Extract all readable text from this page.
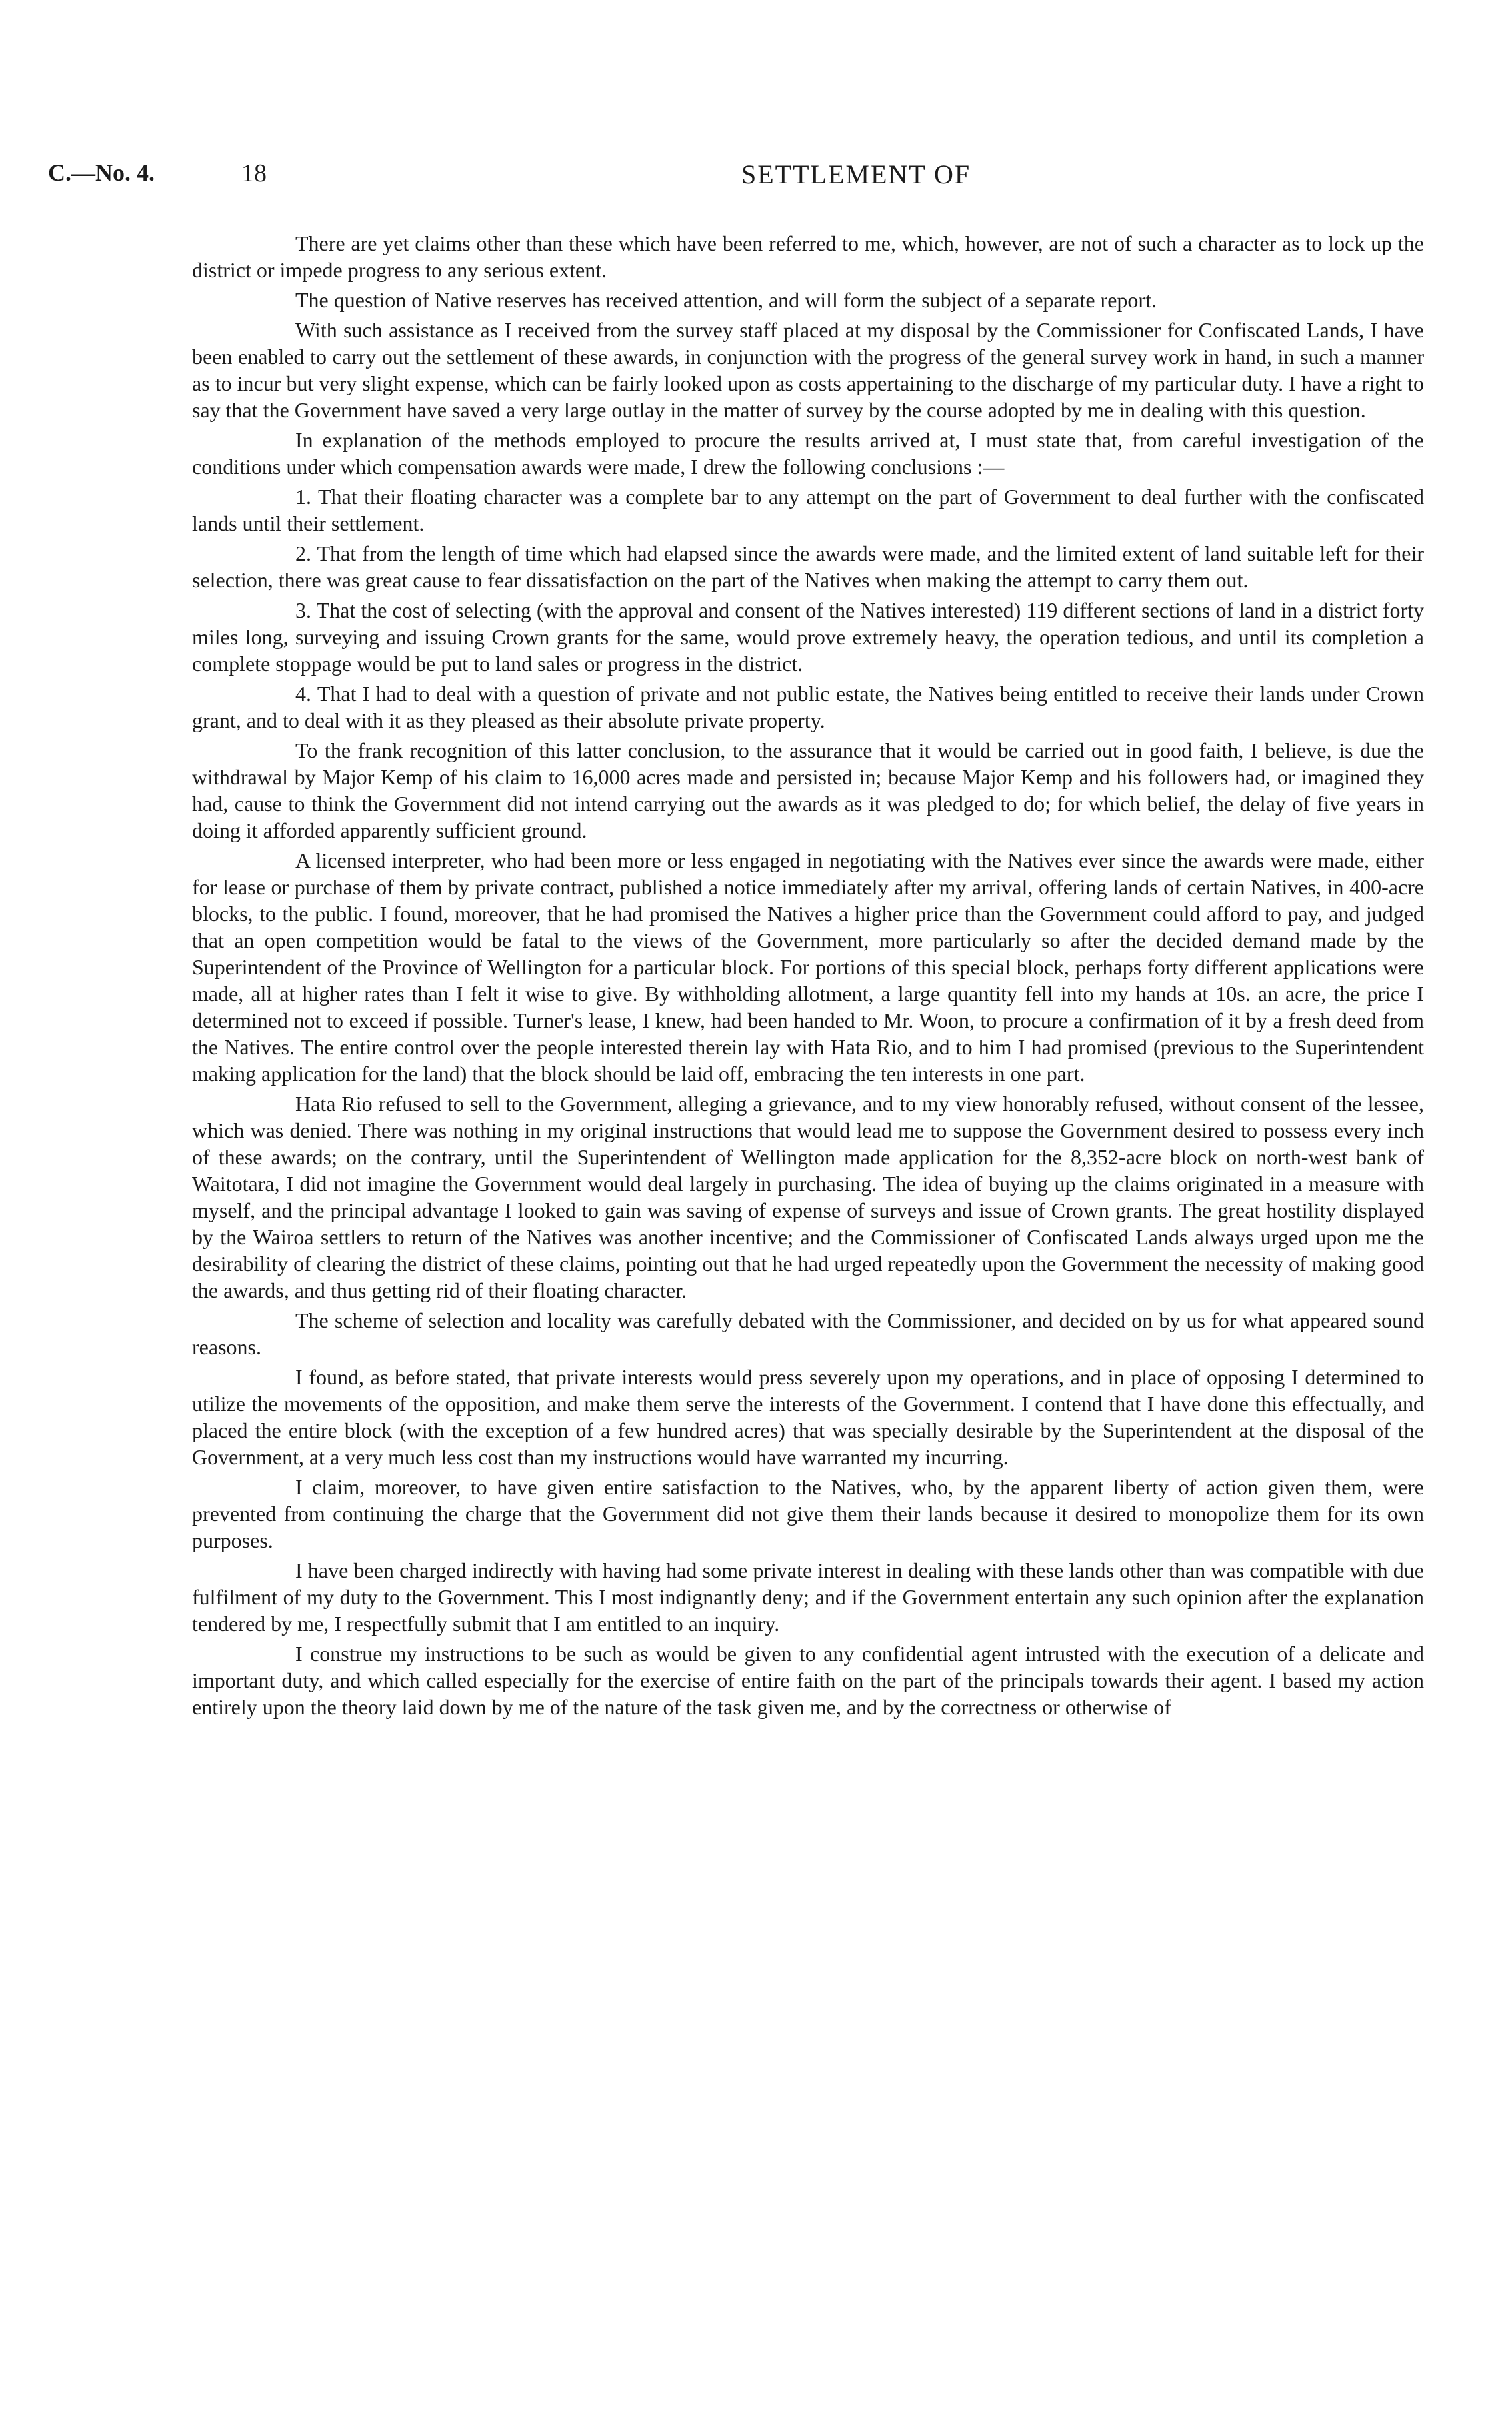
C.—No. 4.	18	SETTLEMENT OF

There are yet claims other than these which have been referred to me, which, however, are not of such a character as to lock up the district or impede progress to any serious extent.

The question of Native reserves has received attention, and will form the subject of a separate report.

With such assistance as I received from the survey staff placed at my disposal by the Commissioner for Confiscated Lands, I have been enabled to carry out the settlement of these awards, in conjunction with the progress of the general survey work in hand, in such a manner as to incur but very slight expense, which can be fairly looked upon as costs appertaining to the discharge of my particular duty. I have a right to say that the Government have saved a very large outlay in the matter of survey by the course adopted by me in dealing with this question.

In explanation of the methods employed to procure the results arrived at, I must state that, from careful investigation of the conditions under which compensation awards were made, I drew the following conclusions :—

1. That their floating character was a complete bar to any attempt on the part of Government to deal further with the confiscated lands until their settlement.

2. That from the length of time which had elapsed since the awards were made, and the limited extent of land suitable left for their selection, there was great cause to fear dissatisfaction on the part of the Natives when making the attempt to carry them out.

3. That the cost of selecting (with the approval and consent of the Natives interested) 119 different sections of land in a district forty miles long, surveying and issuing Crown grants for the same, would prove extremely heavy, the operation tedious, and until its completion a complete stoppage would be put to land sales or progress in the district.

4. That I had to deal with a question of private and not public estate, the Natives being entitled to receive their lands under Crown grant, and to deal with it as they pleased as their absolute private property.

To the frank recognition of this latter conclusion, to the assurance that it would be carried out in good faith, I believe, is due the withdrawal by Major Kemp of his claim to 16,000 acres made and persisted in; because Major Kemp and his followers had, or imagined they had, cause to think the Government did not intend carrying out the awards as it was pledged to do; for which belief, the delay of five years in doing it afforded apparently sufficient ground.

A licensed interpreter, who had been more or less engaged in negotiating with the Natives ever since the awards were made, either for lease or purchase of them by private contract, published a notice immediately after my arrival, offering lands of certain Natives, in 400-acre blocks, to the public. I found, moreover, that he had promised the Natives a higher price than the Government could afford to pay, and judged that an open competition would be fatal to the views of the Government, more particularly so after the decided demand made by the Superintendent of the Province of Wellington for a particular block. For portions of this special block, perhaps forty different applications were made, all at higher rates than I felt it wise to give. By withholding allotment, a large quantity fell into my hands at 10s. an acre, the price I determined not to exceed if possible. Turner's lease, I knew, had been handed to Mr. Woon, to procure a confirmation of it by a fresh deed from the Natives. The entire control over the people interested therein lay with Hata Rio, and to him I had promised (previous to the Superintendent making application for the land) that the block should be laid off, embracing the ten interests in one part.

Hata Rio refused to sell to the Government, alleging a grievance, and to my view honorably refused, without consent of the lessee, which was denied. There was nothing in my original instructions that would lead me to suppose the Government desired to possess every inch of these awards; on the contrary, until the Superintendent of Wellington made application for the 8,352-acre block on north-west bank of Waitotara, I did not imagine the Government would deal largely in purchasing. The idea of buying up the claims originated in a measure with myself, and the principal advantage I looked to gain was saving of expense of surveys and issue of Crown grants. The great hostility displayed by the Wairoa settlers to return of the Natives was another incentive; and the Commissioner of Confiscated Lands always urged upon me the desirability of clearing the district of these claims, pointing out that he had urged repeatedly upon the Government the necessity of making good the awards, and thus getting rid of their floating character.

The scheme of selection and locality was carefully debated with the Commissioner, and decided on by us for what appeared sound reasons.

I found, as before stated, that private interests would press severely upon my operations, and in place of opposing I determined to utilize the movements of the opposition, and make them serve the interests of the Government. I contend that I have done this effectually, and placed the entire block (with the exception of a few hundred acres) that was specially desirable by the Superintendent at the disposal of the Government, at a very much less cost than my instructions would have warranted my incurring.

I claim, moreover, to have given entire satisfaction to the Natives, who, by the apparent liberty of action given them, were prevented from continuing the charge that the Government did not give them their lands because it desired to monopolize them for its own purposes.

I have been charged indirectly with having had some private interest in dealing with these lands other than was compatible with due fulfilment of my duty to the Government. This I most indignantly deny; and if the Government entertain any such opinion after the explanation tendered by me, I respectfully submit that I am entitled to an inquiry.

I construe my instructions to be such as would be given to any confidential agent intrusted with the execution of a delicate and important duty, and which called especially for the exercise of entire faith on the part of the principals towards their agent. I based my action entirely upon the theory laid down by me of the nature of the task given me, and by the correctness or otherwise of
